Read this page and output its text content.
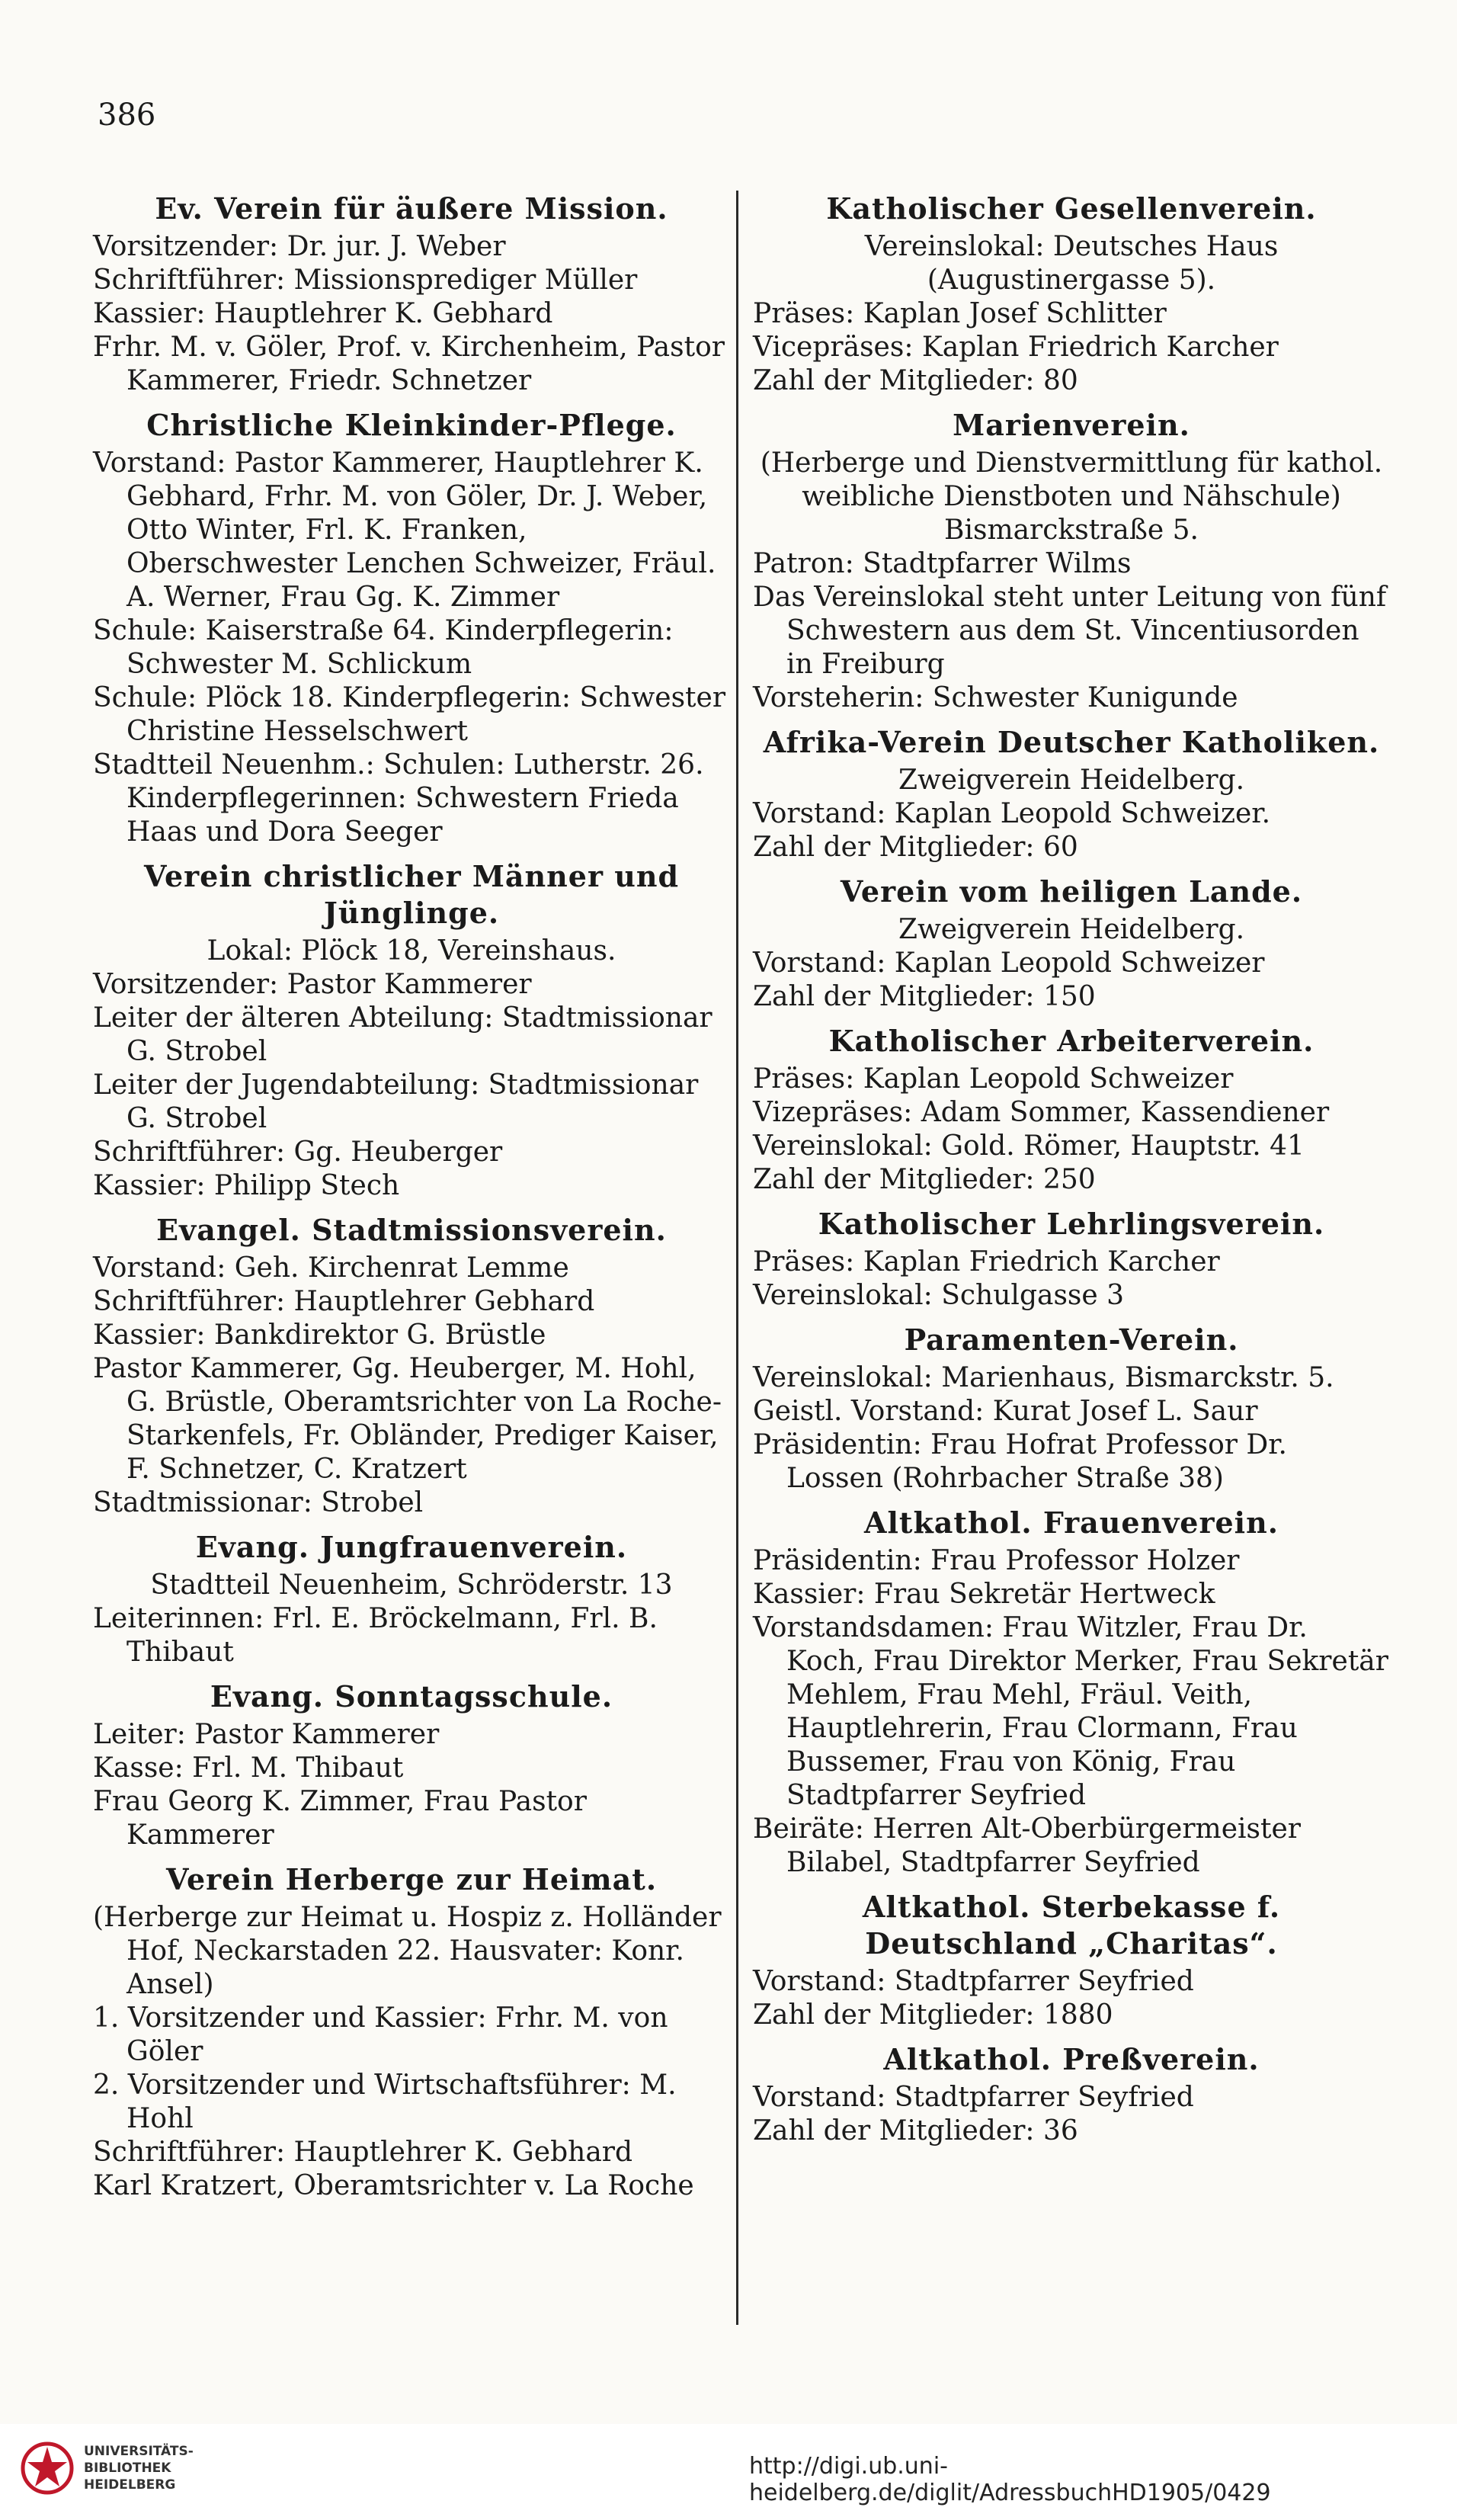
386
Ev. Verein für äußere Mission.
Vorsitzender: Dr. jur. J. Weber
Schriftführer: Missionsprediger Müller
Kassier: Hauptlehrer K. Gebhard
Frhr. M. v. Göler, Prof. v. Kirchenheim, Pastor Kammerer, Friedr. Schnetzer
Christliche Kleinkinder-Pflege.
Vorstand: Pastor Kammerer, Hauptlehrer K. Gebhard, Frhr. M. von Göler, Dr. J. Weber, Otto Winter, Frl. K. Franken, Oberschwester Lenchen Schweizer, Fräul. A. Werner, Frau Gg. K. Zimmer
Schule: Kaiserstraße 64. Kinderpflegerin: Schwester M. Schlickum
Schule: Plöck 18. Kinderpflegerin: Schwester Christine Hesselschwert
Stadtteil Neuenhm.: Schulen: Lutherstr. 26. Kinderpflegerinnen: Schwestern Frieda Haas und Dora Seeger
Verein christlicher Männer und Jünglinge.
Lokal: Plöck 18, Vereinshaus.
Vorsitzender: Pastor Kammerer
Leiter der älteren Abteilung: Stadtmissionar G. Strobel
Leiter der Jugendabteilung: Stadtmissionar G. Strobel
Schriftführer: Gg. Heuberger
Kassier: Philipp Stech
Evangel. Stadtmissionsverein.
Vorstand: Geh. Kirchenrat Lemme
Schriftführer: Hauptlehrer Gebhard
Kassier: Bankdirektor G. Brüstle
Pastor Kammerer, Gg. Heuberger, M. Hohl, G. Brüstle, Oberamtsrichter von La Roche-Starkenfels, Fr. Obländer, Prediger Kaiser, F. Schnetzer, C. Kratzert
Stadtmissionar: Strobel
Evang. Jungfrauenverein.
Stadtteil Neuenheim, Schröderstr. 13
Leiterinnen: Frl. E. Bröckelmann, Frl. B. Thibaut
Evang. Sonntagsschule.
Leiter: Pastor Kammerer
Kasse: Frl. M. Thibaut
Frau Georg K. Zimmer, Frau Pastor Kammerer
Verein Herberge zur Heimat.
(Herberge zur Heimat u. Hospiz z. Holländer Hof, Neckarstaden 22. Hausvater: Konr. Ansel)
1. Vorsitzender und Kassier: Frhr. M. von Göler
2. Vorsitzender und Wirtschaftsführer: M. Hohl
Schriftführer: Hauptlehrer K. Gebhard
Karl Kratzert, Oberamtsrichter v. La Roche
Katholischer Gesellenverein.
Vereinslokal: Deutsches Haus (Augustinergasse 5).
Präses: Kaplan Josef Schlitter
Vicepräses: Kaplan Friedrich Karcher
Zahl der Mitglieder: 80
Marienverein.
(Herberge und Dienstvermittlung für kathol. weibliche Dienstboten und Nähschule) Bismarckstraße 5.
Patron: Stadtpfarrer Wilms
Das Vereinslokal steht unter Leitung von fünf Schwestern aus dem St. Vincentiusorden in Freiburg
Vorsteherin: Schwester Kunigunde
Afrika-Verein Deutscher Katholiken.
Zweigverein Heidelberg.
Vorstand: Kaplan Leopold Schweizer.
Zahl der Mitglieder: 60
Verein vom heiligen Lande.
Zweigverein Heidelberg.
Vorstand: Kaplan Leopold Schweizer
Zahl der Mitglieder: 150
Katholischer Arbeiterverein.
Präses: Kaplan Leopold Schweizer
Vizepräses: Adam Sommer, Kassendiener
Vereinslokal: Gold. Römer, Hauptstr. 41
Zahl der Mitglieder: 250
Katholischer Lehrlingsverein.
Präses: Kaplan Friedrich Karcher
Vereinslokal: Schulgasse 3
Paramenten-Verein.
Vereinslokal: Marienhaus, Bismarckstr. 5.
Geistl. Vorstand: Kurat Josef L. Saur
Präsidentin: Frau Hofrat Professor Dr. Lossen (Rohrbacher Straße 38)
Altkathol. Frauenverein.
Präsidentin: Frau Professor Holzer
Kassier: Frau Sekretär Hertweck
Vorstandsdamen: Frau Witzler, Frau Dr. Koch, Frau Direktor Merker, Frau Sekretär Mehlem, Frau Mehl, Fräul. Veith, Hauptlehrerin, Frau Clormann, Frau Bussemer, Frau von König, Frau Stadtpfarrer Seyfried
Beiräte: Herren Alt-Oberbürgermeister Bilabel, Stadtpfarrer Seyfried
Altkathol. Sterbekasse f. Deutschland „Charitas“.
Vorstand: Stadtpfarrer Seyfried
Zahl der Mitglieder: 1880
Altkathol. Preßverein.
Vorstand: Stadtpfarrer Seyfried
Zahl der Mitglieder: 36
UNIVERSITÄTS-
BIBLIOTHEK
HEIDELBERG
http://digi.ub.uni-heidelberg.de/diglit/AdressbuchHD1905/0429
